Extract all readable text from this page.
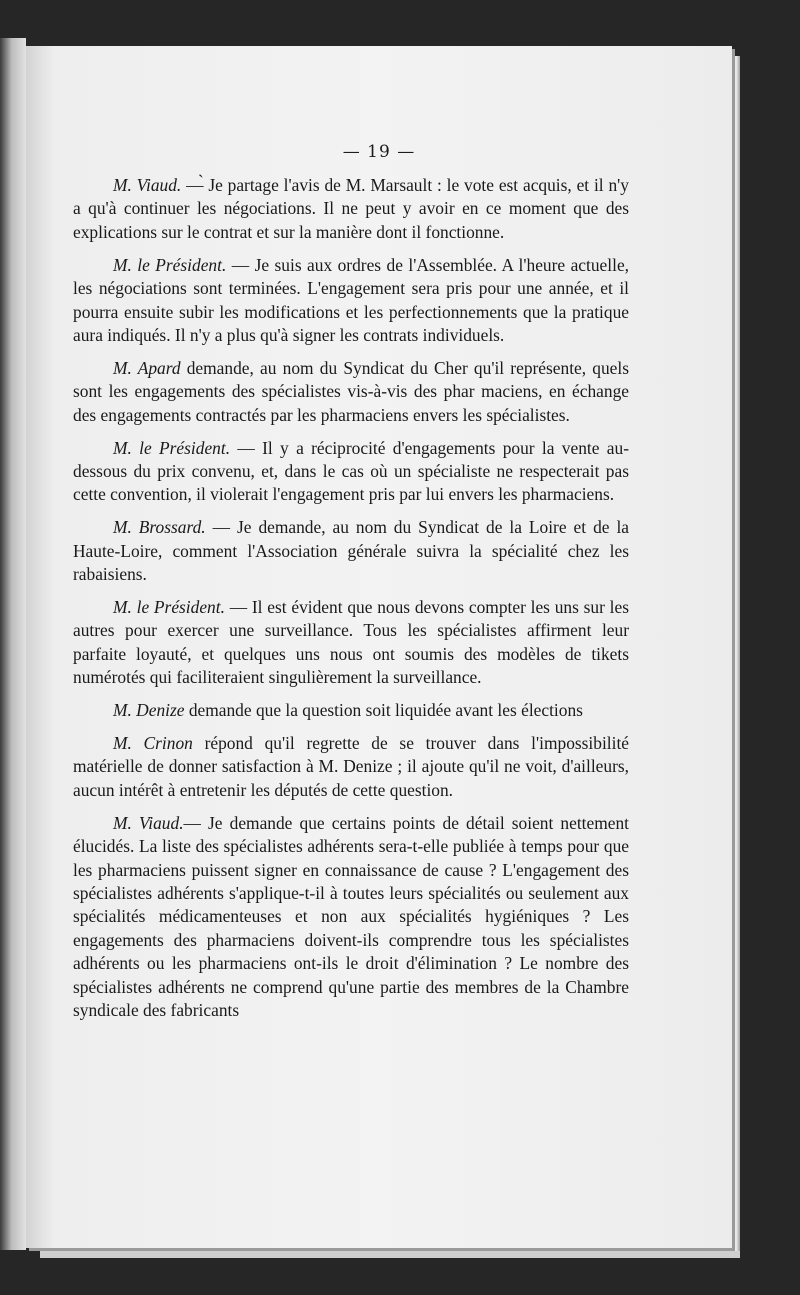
— 19 —

M. Viaud. —̀ Je partage l'avis de M. Marsault : le vote est acquis, et il n'y a qu'à continuer les négociations. Il ne peut y avoir en ce moment que des explications sur le contrat et sur la manière dont il fonctionne.

M. le Président. — Je suis aux ordres de l'Assemblée. A l'heure actuelle, les négociations sont terminées. L'engagement sera pris pour une année, et il pourra ensuite subir les modifications et les perfectionnements que la pratique aura indiqués. Il n'y a plus qu'à signer les contrats individuels.

M. Apard demande, au nom du Syndicat du Cher qu'il représente, quels sont les engagements des spécialistes vis-à-vis des phar maciens, en échange des engagements contractés par les pharmaciens envers les spécialistes.

M. le Président. — Il y a réciprocité d'engagements pour la vente au-dessous du prix convenu, et, dans le cas où un spécialiste ne respecterait pas cette convention, il violerait l'engagement pris par lui envers les pharmaciens.

M. Brossard. — Je demande, au nom du Syndicat de la Loire et de la Haute-Loire, comment l'Association générale suivra la spécialité chez les rabaisiens.

M. le Président. — Il est évident que nous devons compter les uns sur les autres pour exercer une surveillance. Tous les spécialistes affirment leur parfaite loyauté, et quelques uns nous ont soumis des modèles de tikets numérotés qui faciliteraient singulièrement la surveillance.

M. Denize demande que la question soit liquidée avant les élections

M. Crinon répond qu'il regrette de se trouver dans l'impossibilité matérielle de donner satisfaction à M. Denize ; il ajoute qu'il ne voit, d'ailleurs, aucun intérêt à entretenir les députés de cette question.

M. Viaud.— Je demande que certains points de détail soient nettement élucidés. La liste des spécialistes adhérents sera-t-elle publiée à temps pour que les pharmaciens puissent signer en connaissance de cause ? L'engagement des spécialistes adhérents s'applique-t-il à toutes leurs spécialités ou seulement aux spécialités médicamenteuses et non aux spécialités hygiéniques ? Les engagements des pharmaciens doivent-ils comprendre tous les spécialistes adhérents ou les pharmaciens ont-ils le droit d'élimination ? Le nombre des spécialistes adhérents ne comprend qu'une partie des membres de la Chambre syndicale des fabricants
